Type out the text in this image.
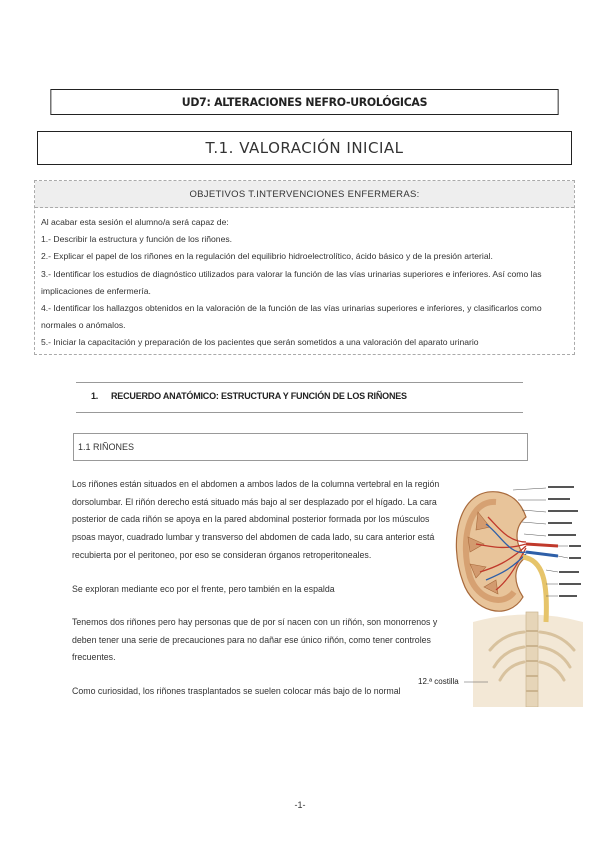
UD7: ALTERACIONES NEFRO-UROLÓGICAS
T.1. VALORACIÓN INICIAL
OBJETIVOS T.INTERVENCIONES ENFERMERAS:
Al acabar esta sesión el alumno/a será capaz de:
1.- Describir la estructura y función de los riñones.
2.- Explicar el papel de los riñones en la regulación del equilibrio hidroelectrolítico, ácido básico y de la presión arterial.
3.- Identificar los estudios de diagnóstico utilizados para valorar la función de las vías urinarias superiores e inferiores. Así como las implicaciones de enfermería.
4.- Identificar los hallazgos obtenidos en la valoración de la función de las vías urinarias superiores e inferiores, y clasificarlos como normales o anómalos.
5.- Iniciar la capacitación y preparación de los pacientes que serán sometidos a una valoración del aparato urinario
1. RECUERDO ANATÓMICO: ESTRUCTURA Y FUNCIÓN DE LOS RIÑONES
1.1 RIÑONES
Los riñones están situados en el abdomen a ambos lados de la columna vertebral en la región dorsolumbar. El riñón derecho está situado más bajo al ser desplazado por el hígado. La cara posterior de cada riñón se apoya en la pared abdominal posterior formada por los músculos psoas mayor, cuadrado lumbar y transverso del abdomen de cada lado, su cara anterior está recubierta por el peritoneo, por eso se consideran órganos retroperitoneales.
Se exploran mediante eco por el frente, pero también en la espalda
Tenemos dos riñones pero hay personas que de por sí nacen con un riñón, son monorrenos y deben tener una serie de precauciones para no dañar ese único riñón, como tener controles frecuentes.
Como curiosidad, los riñones trasplantados se suelen colocar más bajo de lo normal
12.ª costilla
-1-
